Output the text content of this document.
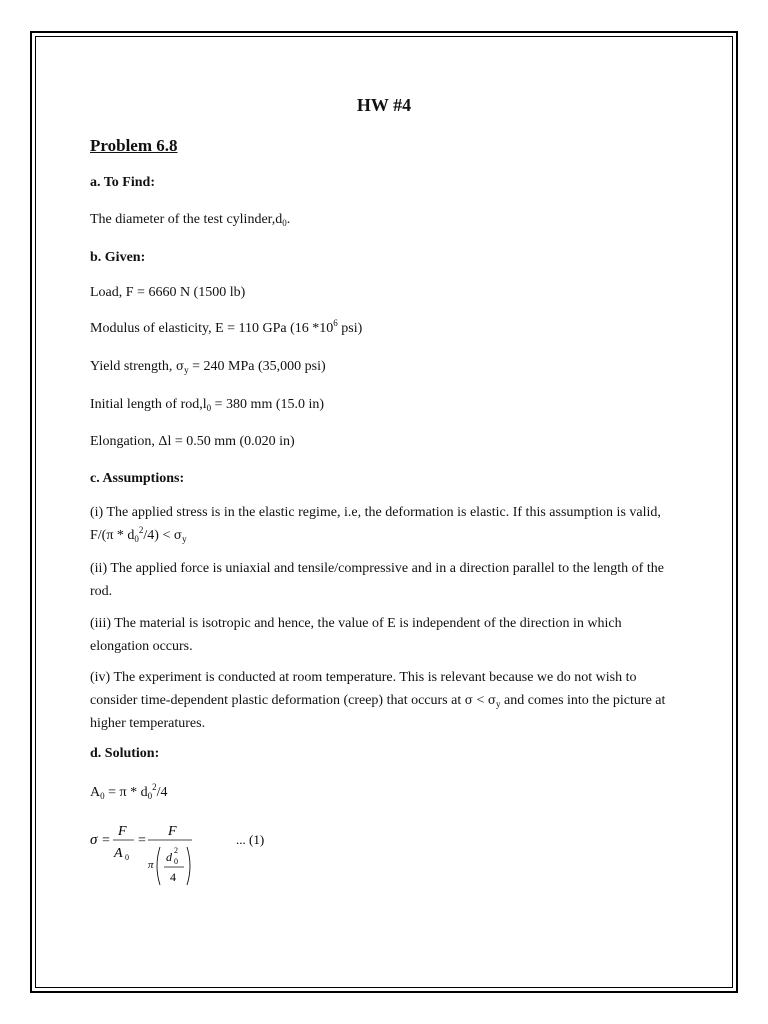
HW #4
Problem 6.8
a. To Find:
The diameter of the test $cylinder,d_0$.
b. Given:
Load, F = 6660 N (1500 lb)
Modulus of elasticity, E = 110 GPa (16 $*10^6$ psi)
Yield strength, $\sigma_y = 240$ MPa (35,000 psi)
Initial length of $rod,l_0 = 380$ mm (15.0 in)
Elongation, Δl = 0.50 mm (0.020 in)
c. Assumptions:
(i) The applied stress is in the elastic regime, i.e, the deformation is elastic. If this assumption is valid, $F/(\pi * d_0^2/4) < \sigma_y$
(ii) The applied force is uniaxial and tensile/compressive and in a direction parallel to the length of the rod.
(iii) The material is isotropic and hence, the value of E is independent of the direction in which elongation occurs.
(iv) The experiment is conducted at room temperature. This is relevant because we do not wish to consider time-dependent plastic deformation (creep) that occurs at $\sigma < \sigma_y$ and comes into the picture at higher temperatures.
d. Solution:
$A_0 = \pi * d_0^2/4$
σ =
F
A 0
=
F
π
d 2
0
4
... (1)
